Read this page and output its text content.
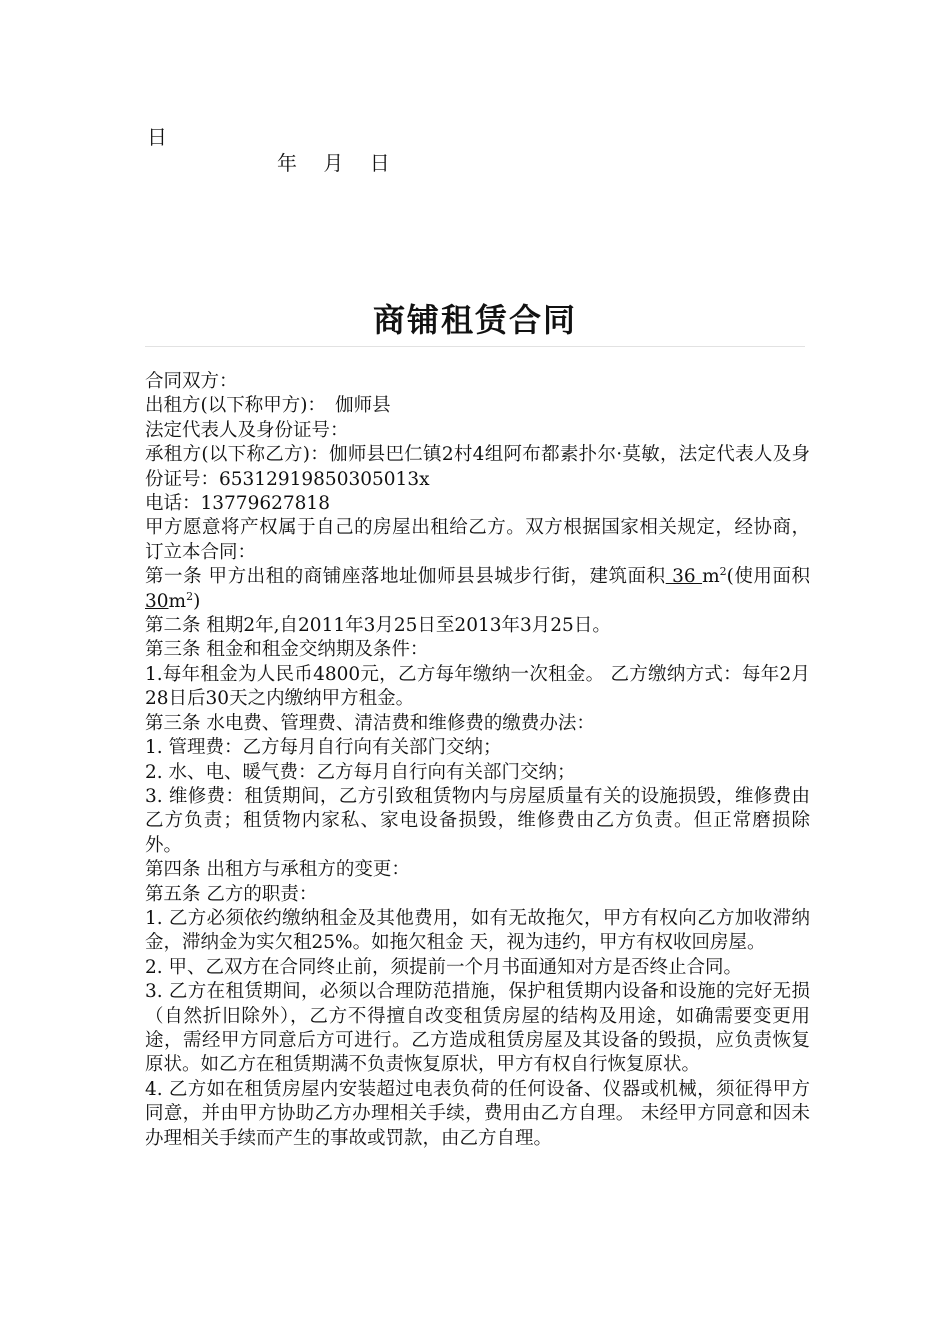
日
年 月 日
商铺租赁合同

合同双方：

出租方(以下称甲方)：　伽师县

法定代表人及身份证号：

承租方(以下称乙方)：伽师县巴仁镇2村4组阿布都素扑尔·莫敏，法定代表人及身份证号：65312919850305013x

电话：13779627818

甲方愿意将产权属于自己的房屋出租给乙方。双方根据国家相关规定，经协商，订立本合同：

第一条 甲方出租的商铺座落地址伽师县县城步行街，建筑面积 36 $m^2$(使用面积$30m^2$)

第二条 租期2年,自2011年3月25日至2013年3月25日。

第三条 租金和租金交纳期及条件：

1.每年租金为人民币4800元，乙方每年缴纳一次租金。 乙方缴纳方式：每年2月28日后30天之内缴纳甲方租金。

第三条 水电费、管理费、清洁费和维修费的缴费办法：

1. 管理费：乙方每月自行向有关部门交纳；

2. 水、电、暖气费：乙方每月自行向有关部门交纳；

3. 维修费：租赁期间，乙方引致租赁物内与房屋质量有关的设施损毁，维修费由乙方负责；租赁物内家私、家电设备损毁，维修费由乙方负责。但正常磨损除外。

第四条 出租方与承租方的变更：

第五条 乙方的职责：

1. 乙方必须依约缴纳租金及其他费用，如有无故拖欠，甲方有权向乙方加收滞纳金，滞纳金为实欠租25%。如拖欠租金 天，视为违约，甲方有权收回房屋。

2. 甲、乙双方在合同终止前，须提前一个月书面通知对方是否终止合同。

3. 乙方在租赁期间，必须以合理防范措施，保护租赁期内设备和设施的完好无损（自然折旧除外），乙方不得擅自改变租赁房屋的结构及用途，如确需要变更用途，需经甲方同意后方可进行。乙方造成租赁房屋及其设备的毁损，应负责恢复原状。如乙方在租赁期满不负责恢复原状，甲方有权自行恢复原状。

4. 乙方如在租赁房屋内安装超过电表负荷的任何设备、仪器或机械，须征得甲方同意，并由甲方协助乙方办理相关手续，费用由乙方自理。 未经甲方同意和因未办理相关手续而产生的事故或罚款，由乙方自理。
